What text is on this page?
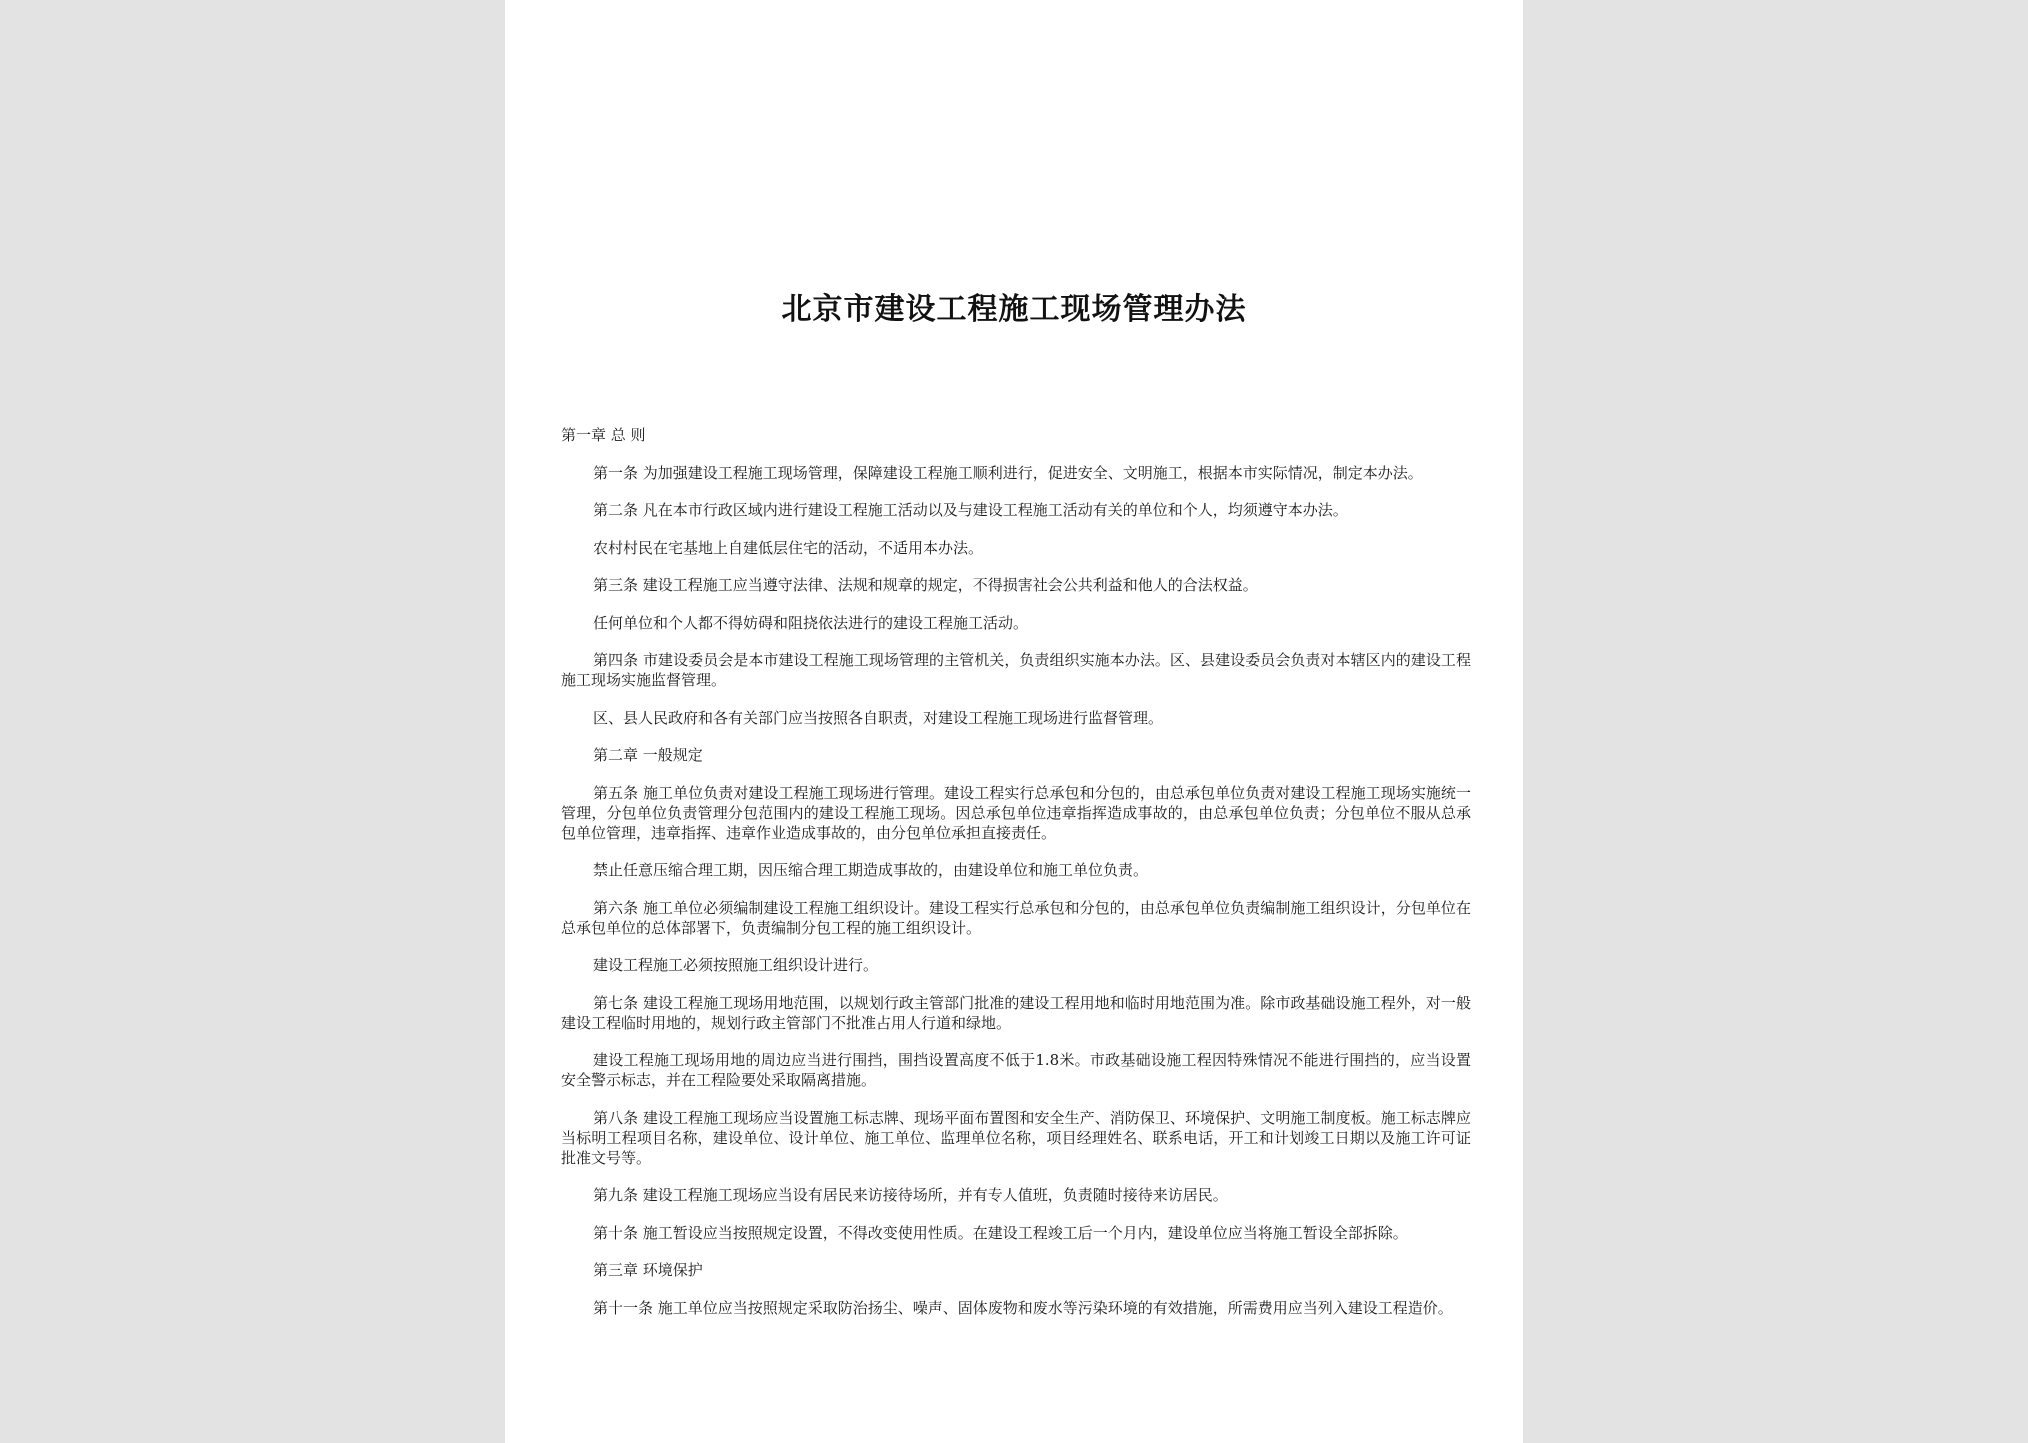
北京市建设工程施工现场管理办法

第一章 总 则

第一条 为加强建设工程施工现场管理，保障建设工程施工顺利进行，促进安全、文明施工，根据本市实际情况，制定本办法。

第二条 凡在本市行政区域内进行建设工程施工活动以及与建设工程施工活动有关的单位和个人，均须遵守本办法。

农村村民在宅基地上自建低层住宅的活动，不适用本办法。

第三条 建设工程施工应当遵守法律、法规和规章的规定，不得损害社会公共利益和他人的合法权益。

任何单位和个人都不得妨碍和阻挠依法进行的建设工程施工活动。

第四条 市建设委员会是本市建设工程施工现场管理的主管机关，负责组织实施本办法。区、县建设委员会负责对本辖区内的建设工程施工现场实施监督管理。

区、县人民政府和各有关部门应当按照各自职责，对建设工程施工现场进行监督管理。

第二章 一般规定

第五条 施工单位负责对建设工程施工现场进行管理。建设工程实行总承包和分包的，由总承包单位负责对建设工程施工现场实施统一管理，分包单位负责管理分包范围内的建设工程施工现场。因总承包单位违章指挥造成事故的，由总承包单位负责；分包单位不服从总承包单位管理，违章指挥、违章作业造成事故的，由分包单位承担直接责任。

禁止任意压缩合理工期，因压缩合理工期造成事故的，由建设单位和施工单位负责。

第六条 施工单位必须编制建设工程施工组织设计。建设工程实行总承包和分包的，由总承包单位负责编制施工组织设计，分包单位在总承包单位的总体部署下，负责编制分包工程的施工组织设计。

建设工程施工必须按照施工组织设计进行。

第七条 建设工程施工现场用地范围，以规划行政主管部门批准的建设工程用地和临时用地范围为准。除市政基础设施工程外，对一般建设工程临时用地的，规划行政主管部门不批准占用人行道和绿地。

建设工程施工现场用地的周边应当进行围挡，围挡设置高度不低于1.8米。市政基础设施工程因特殊情况不能进行围挡的，应当设置安全警示标志，并在工程险要处采取隔离措施。

第八条 建设工程施工现场应当设置施工标志牌、现场平面布置图和安全生产、消防保卫、环境保护、文明施工制度板。施工标志牌应当标明工程项目名称，建设单位、设计单位、施工单位、监理单位名称，项目经理姓名、联系电话，开工和计划竣工日期以及施工许可证批准文号等。

第九条 建设工程施工现场应当设有居民来访接待场所，并有专人值班，负责随时接待来访居民。

第十条 施工暂设应当按照规定设置，不得改变使用性质。在建设工程竣工后一个月内，建设单位应当将施工暂设全部拆除。

第三章 环境保护

第十一条 施工单位应当按照规定采取防治扬尘、噪声、固体废物和废水等污染环境的有效措施，所需费用应当列入建设工程造价。
